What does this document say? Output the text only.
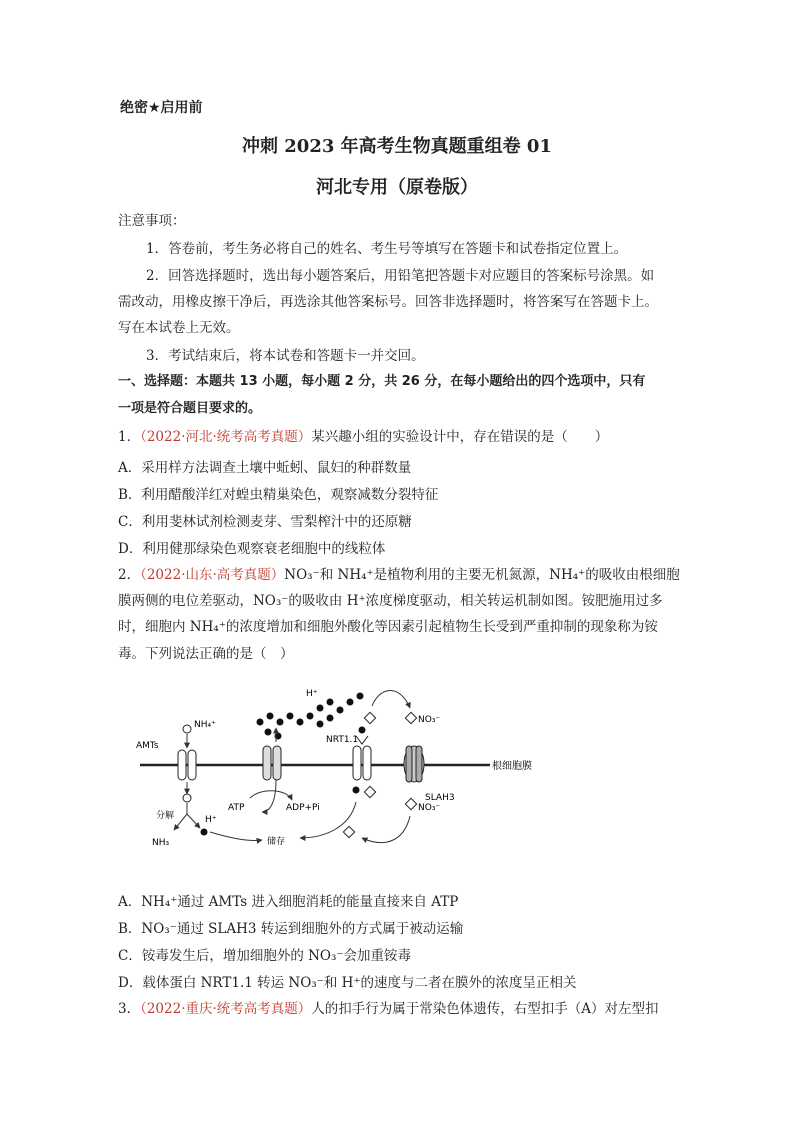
绝密★启用前
冲刺 2023 年高考生物真题重组卷 01
河北专用（原卷版）
注意事项：
1．答卷前，考生务必将自己的姓名、考生号等填写在答题卡和试卷指定位置上。
2．回答选择题时，选出每小题答案后，用铅笔把答题卡对应题目的答案标号涂黑。如
需改动，用橡皮擦干净后，再选涂其他答案标号。回答非选择题时，将答案写在答题卡上。
写在本试卷上无效。
3．考试结束后，将本试卷和答题卡一并交回。
一、选择题：本题共 13 小题，每小题 2 分，共 26 分，在每小题给出的四个选项中，只有
一项是符合题目要求的。
1．（2022·河北·统考高考真题）某兴趣小组的实验设计中，存在错误的是（　　）
A．采用样方法调查土壤中蚯蚓、鼠妇的种群数量
B．利用醋酸洋红对蝗虫精巢染色，观察减数分裂特征
C．利用斐林试剂检测麦芽、雪梨榨汁中的还原糖
D．利用健那绿染色观察衰老细胞中的线粒体
2．（2022·山东·高考真题）NO₃⁻和 NH₄⁺是植物利用的主要无机氮源，NH₄⁺的吸收由根细胞
膜两侧的电位差驱动，NO₃⁻的吸收由 H⁺浓度梯度驱动，相关转运机制如图。铵肥施用过多
时，细胞内 NH₄⁺的浓度增加和细胞外酸化等因素引起植物生长受到严重抑制的现象称为铵
毒。下列说法正确的是（　）
根细胞膜
AMTs
NH₄⁺
分解
NH₃
H⁺
H⁺
ATP	ADP+Pi
储存
NRT1.1
SLAH3
NO₃⁻
NO₃⁻
A．NH₄⁺通过 AMTs 进入细胞消耗的能量直接来自 ATP
B．NO₃⁻通过 SLAH3 转运到细胞外的方式属于被动运输
C．铵毒发生后，增加细胞外的 NO₃⁻会加重铵毒
D．载体蛋白 NRT1.1 转运 NO₃⁻和 H⁺的速度与二者在膜外的浓度呈正相关
3．（2022·重庆·统考高考真题）人的扣手行为属于常染色体遗传，右型扣手（A）对左型扣
